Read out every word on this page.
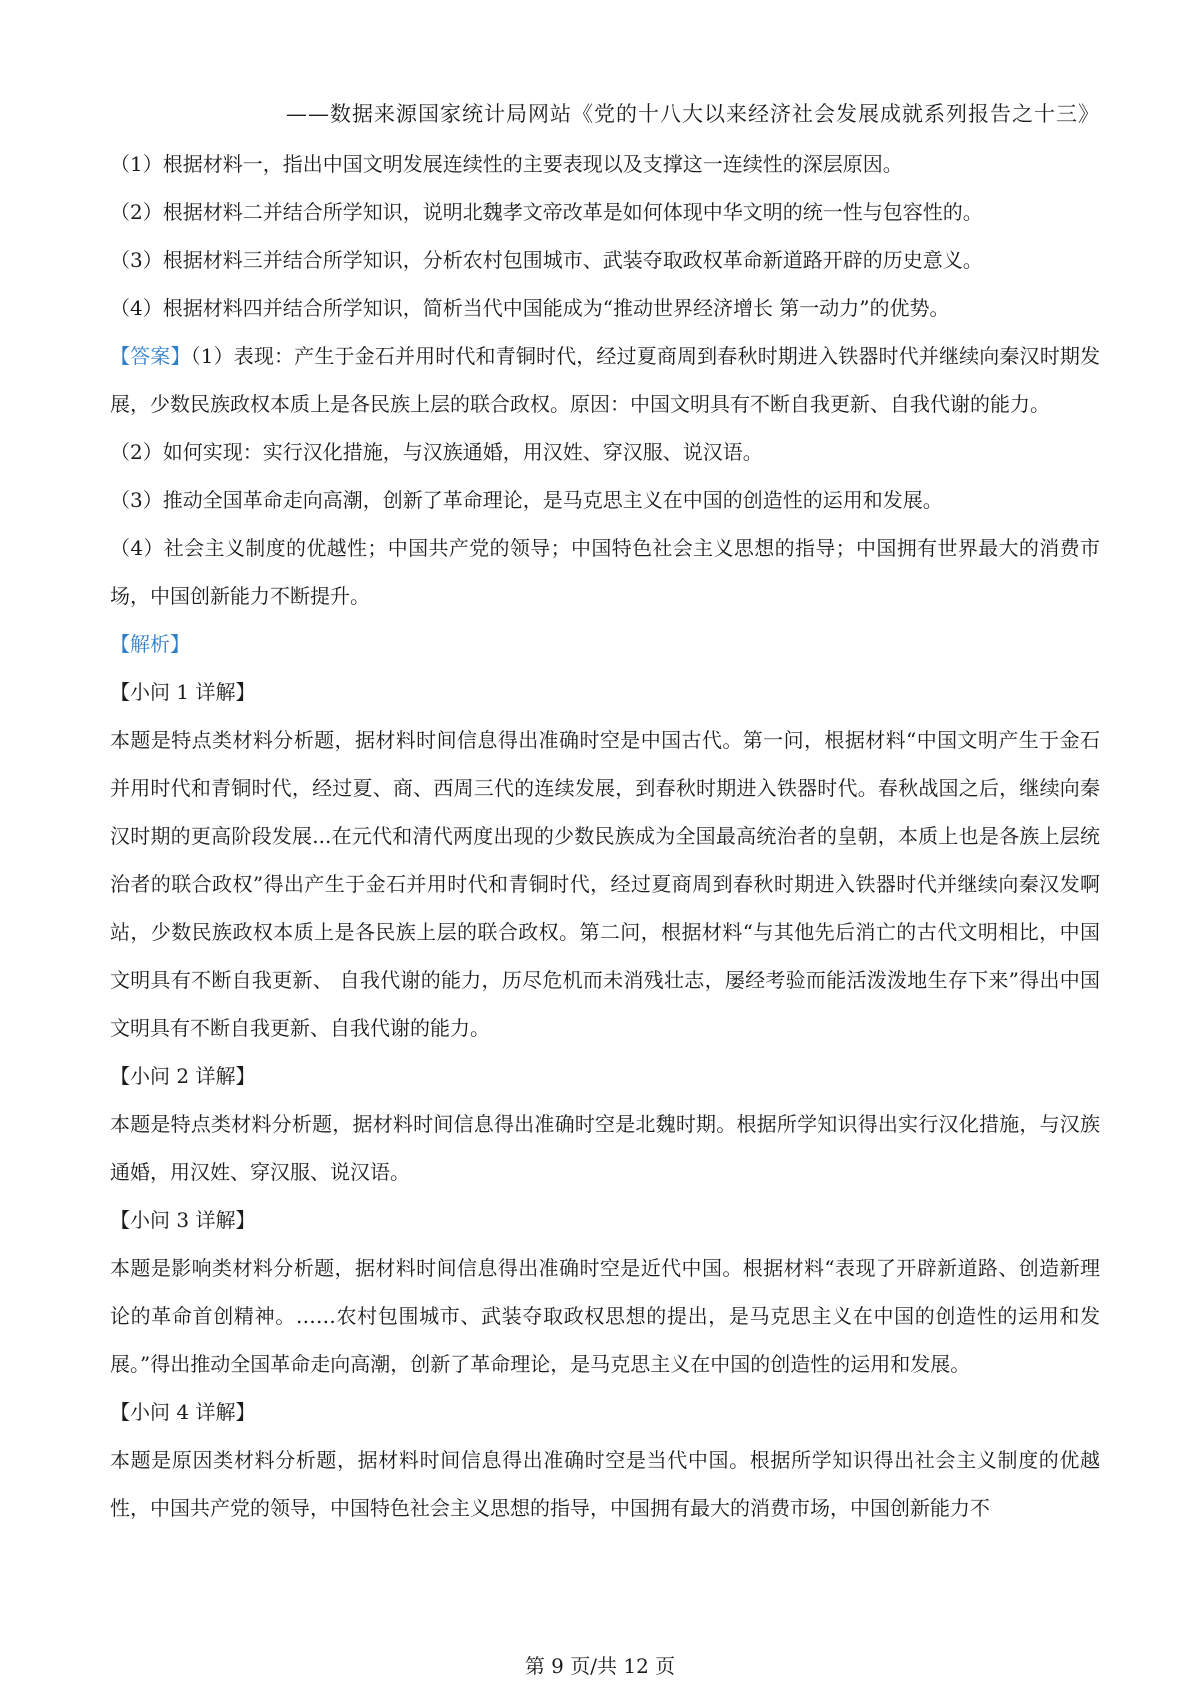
——数据来源国家统计局网站《党的十八大以来经济社会发展成就系列报告之十三》

（1）根据材料一，指出中国文明发展连续性的主要表现以及支撑这一连续性的深层原因。

（2）根据材料二并结合所学知识，说明北魏孝文帝改革是如何体现中华文明的统一性与包容性的。

（3）根据材料三并结合所学知识，分析农村包围城市、武装夺取政权革命新道路开辟的历史意义。

（4）根据材料四并结合所学知识，简析当代中国能成为“推动世界经济增长 第一动力”的优势。

【答案】（1）表现：产生于金石并用时代和青铜时代，经过夏商周到春秋时期进入铁器时代并继续向秦汉时期发展，少数民族政权本质上是各民族上层的联合政权。原因：中国文明具有不断自我更新、自我代谢的能力。

（2）如何实现：实行汉化措施，与汉族通婚，用汉姓、穿汉服、说汉语。

（3）推动全国革命走向高潮，创新了革命理论，是马克思主义在中国的创造性的运用和发展。

（4）社会主义制度的优越性；中国共产党的领导；中国特色社会主义思想的指导；中国拥有世界最大的消费市场，中国创新能力不断提升。

【解析】

【小问 1 详解】

本题是特点类材料分析题，据材料时间信息得出准确时空是中国古代。第一问，根据材料“中国文明产生于金石并用时代和青铜时代，经过夏、商、西周三代的连续发展，到春秋时期进入铁器时代。春秋战国之后，继续向秦汉时期的更高阶段发展...在元代和清代两度出现的少数民族成为全国最高统治者的皇朝，本质上也是各族上层统治者的联合政权”得出产生于金石并用时代和青铜时代，经过夏商周到春秋时期进入铁器时代并继续向秦汉发啊站，少数民族政权本质上是各民族上层的联合政权。第二问，根据材料“与其他先后消亡的古代文明相比，中国文明具有不断自我更新、 自我代谢的能力，历尽危机而未消残壮志，屡经考验而能活泼泼地生存下来”得出中国文明具有不断自我更新、自我代谢的能力。

【小问 2 详解】

本题是特点类材料分析题，据材料时间信息得出准确时空是北魏时期。根据所学知识得出实行汉化措施，与汉族通婚，用汉姓、穿汉服、说汉语。

【小问 3 详解】

本题是影响类材料分析题，据材料时间信息得出准确时空是近代中国。根据材料“表现了开辟新道路、创造新理论的革命首创精神。……农村包围城市、武装夺取政权思想的提出，是马克思主义在中国的创造性的运用和发展。”得出推动全国革命走向高潮，创新了革命理论，是马克思主义在中国的创造性的运用和发展。

【小问 4 详解】

本题是原因类材料分析题，据材料时间信息得出准确时空是当代中国。根据所学知识得出社会主义制度的优越性，中国共产党的领导，中国特色社会主义思想的指导，中国拥有最大的消费市场，中国创新能力不

第 9 页/共 12 页
